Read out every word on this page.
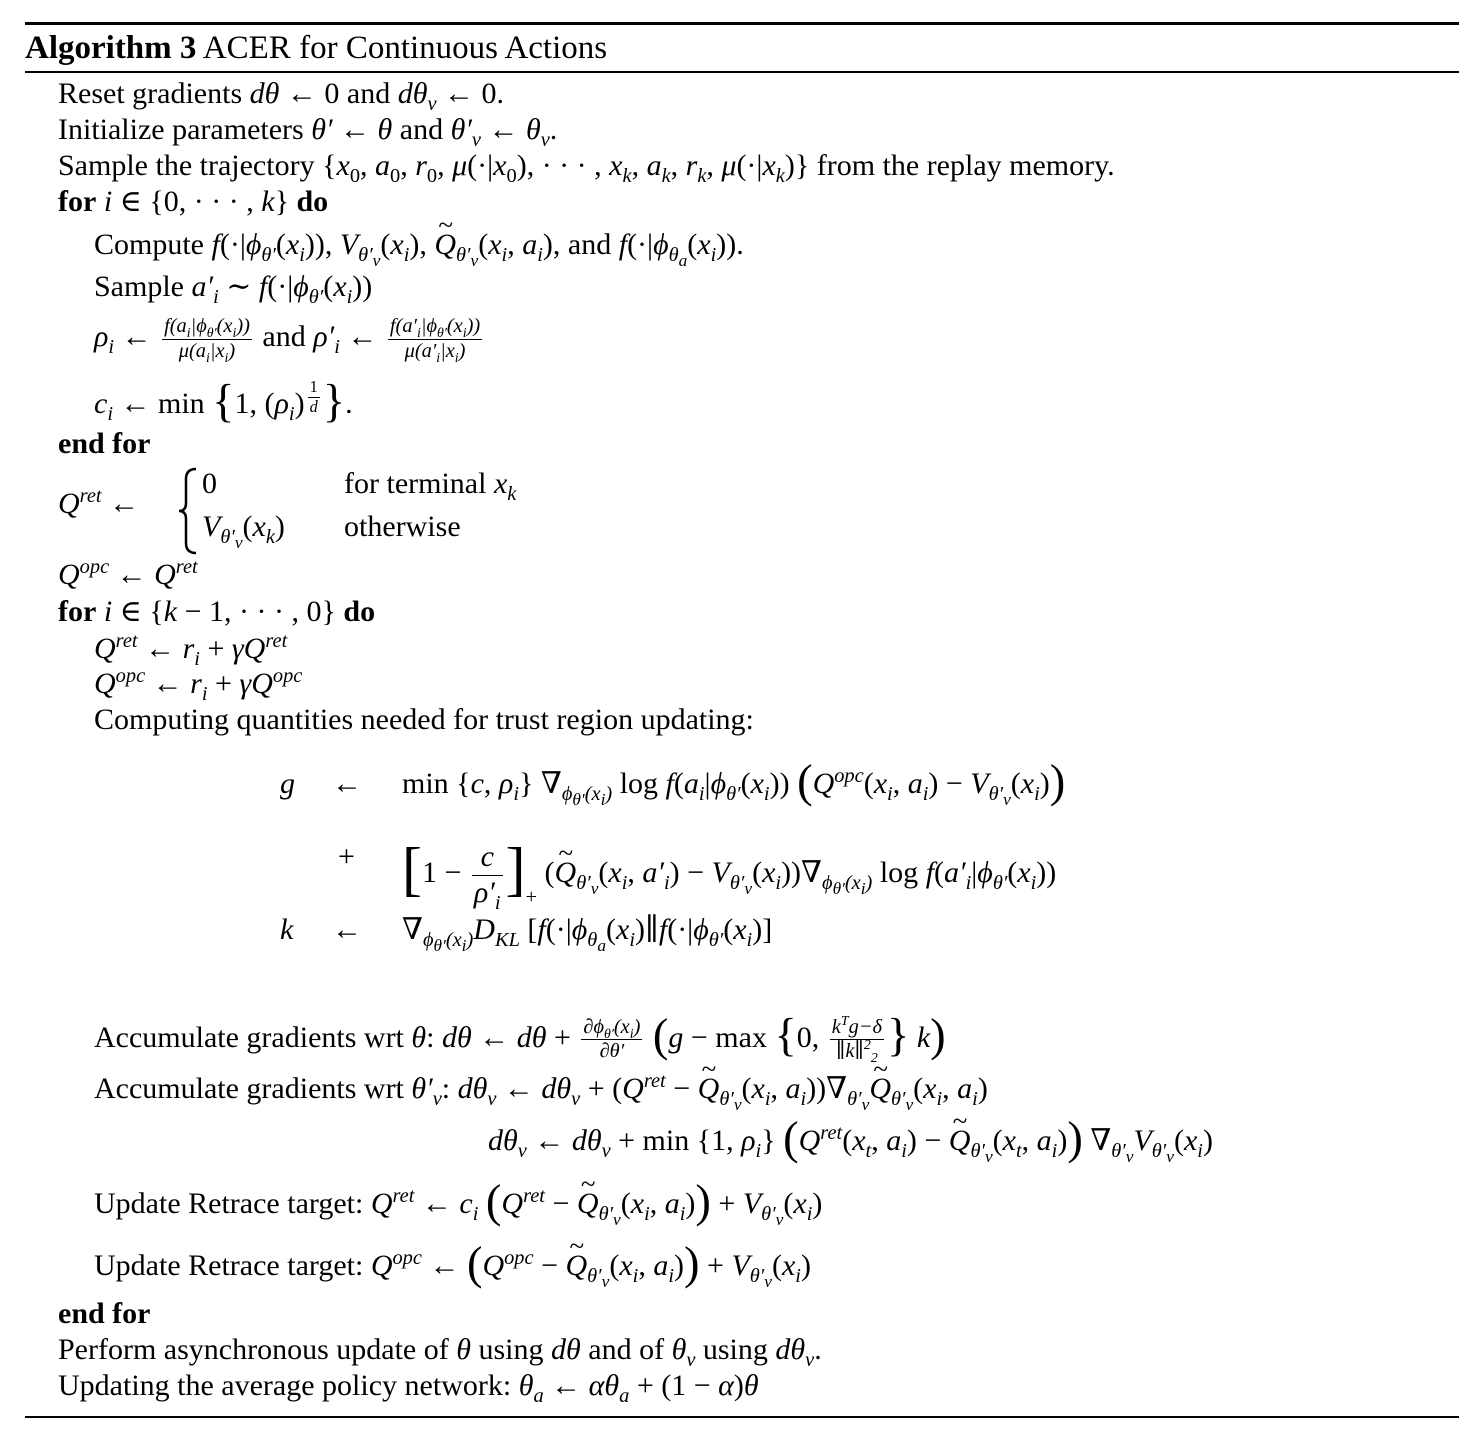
Algorithm 3 ACER for Continuous Actions
Reset gradients dθ ← 0 and $d\theta_v$ ← 0.
Initialize parameters θ′ ← θ and $\theta'_v$ ← $\theta_v$.
Sample the trajectory {$x_0$, $a_0$, $r_0$, $\mu(\cdot|x_0)$, · · · , $x_k$, $a_k$, $r_k$, $\mu(\cdot|x_k)$} from the replay memory.
for i ∈ {0, · · · , k} do
Compute $f(\cdot|\phi_{\theta'}(x_i))$, $V_{\theta'_v}(x_i)$, ~ $Q_{\theta'_v}(x_i$, $a_i$), and $f(\cdot|\phi_{\theta_a}(x_i))$.
Sample $a'_i$ ∼ $f(\cdot|\phi_{\theta'}(x_i))$
$\rho_i$ ← $\frac{f(a_i|\phi_{\theta'}(x_i))}{\mu(a_i|x_i)}$ and $\rho'_i$ ← $\frac{f(a'_i|\phi_{\theta'}(x_i))}{\mu(a'_i|x_i)}$
$c_i$ ← min {1, $(\rho_i)$ $^{\frac{1}{d}}$ }.
end for
$Q^{ret}$ ←
0	for terminal $x_k$
$V_{\theta'_v}(x_k)$ otherwise
$Q^{opc}$ ← $Q^{ret}$
for i ∈ {k − 1, · · · , 0} do
$Q^{ret}$ ← $r_i + \gamma Q^{ret}$
$Q^{opc}$ ← $r_i + \gamma Q^{opc}$
Computing quantities needed for trust region updating:
g ← min {c, $\rho_i$} $\nabla_{\phi_{\theta'}(x_i)}$ $\log f(a_i|\phi_{\theta'}(x_i))$ ($Q^{opc}(x_i$, $a_i) - V_{\theta'_v}(x_i)$)
+ $[1 - \frac{c}{\rho'_i} ]_+$ (~ $Q_{\theta'_v}(x_i$, $a'_i) - V_{\theta'_v}(x_i))\nabla_{\phi_{\theta'}(x_i)}$ $\log f(a'_i|\phi_{\theta'}(x_i))$
k ← $\nabla_{\phi_{\theta'}(x_i)}D_{KL}$ [$f(\cdot|\phi_{\theta_a}(x_i)\parallel f(\cdot|\phi_{\theta'}(x_i)]$
Accumulate gradients wrt θ: dθ ← $d\theta + \frac{\partial\phi_{\theta'}(x_i)}{\partial\theta'} (g - \max \{0$, $\frac{k^Tg-\delta}{\parallel k\parallel^2_2}$ } k)
Accumulate gradients wrt $\theta'_v$: $d\theta_v$ ← $d\theta_v + (Q^{ret}$ − ~ $Q_{\theta'_v}(x_i$, $a_i))\nabla_{\theta'_v}\sim$ $Q_{\theta'_v}(x_i$, $a_i$)
$d\theta_v$ ← $d\theta_v + \min \{1$, $\rho_i$} ($Q^{ret}(x_t$, $a_i$) − ~ $Q_{\theta'_v}(x_t$, $a_i$)) $\nabla_{\theta'_v}V_{\theta'_v}(x_i)$
Update Retrace target: $Q^{ret}$ ← $c_i$ ($Q^{ret}$ − ~ $Q_{\theta'_v}(x_i$, $a_i)) + V_{\theta'_v}(x_i)$
Update Retrace target: $Q^{opc}$ ← ($Q^{opc}$ − ~ $Q_{\theta'_v}(x_i$, $a_i)) + V_{\theta'_v}(x_i)$
end for
Perform asynchronous update of θ using dθ and of $\theta_v$ using $d\theta_v$.
Updating the average policy network: $\theta_a$ ← $\alpha\theta_a + (1 - \alpha)\theta$
